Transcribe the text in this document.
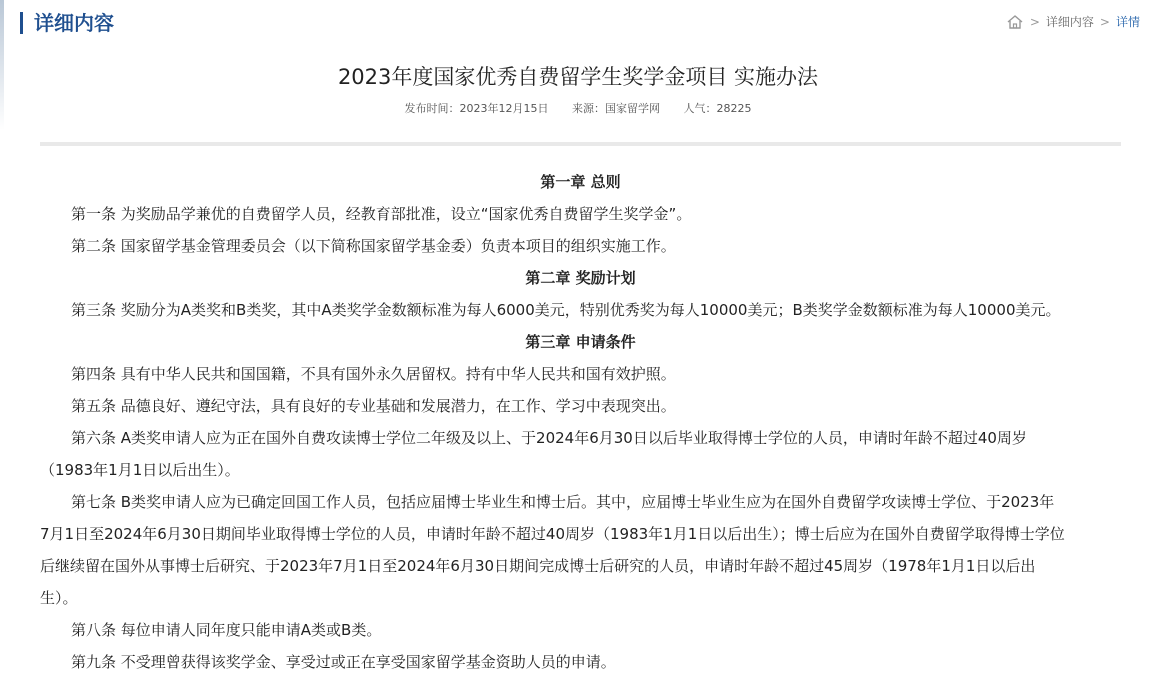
详细内容	> 详细内容 > 详情
2023年度国家优秀自费留学生奖学金项目 实施办法
发布时间：2023年12月15日 来源：国家留学网 人气：28225
第一章 总则
第一条 为奖励品学兼优的自费留学人员，经教育部批准，设立“国家优秀自费留学生奖学金”。
第二条 国家留学基金管理委员会（以下简称国家留学基金委）负责本项目的组织实施工作。
第二章 奖励计划
第三条 奖励分为A类奖和B类奖，其中A类奖学金数额标准为每人6000美元，特别优秀奖为每人10000美元；B类奖学金数额标准为每人10000美元。
第三章 申请条件
第四条 具有中华人民共和国国籍，不具有国外永久居留权。持有中华人民共和国有效护照。
第五条 品德良好、遵纪守法，具有良好的专业基础和发展潜力，在工作、学习中表现突出。
第六条 A类奖申请人应为正在国外自费攻读博士学位二年级及以上、于2024年6月30日以后毕业取得博士学位的人员，申请时年龄不超过40周岁
（1983年1月1日以后出生）。
第七条 B类奖申请人应为已确定回国工作人员，包括应届博士毕业生和博士后。其中，应届博士毕业生应为在国外自费留学攻读博士学位、于2023年
7月1日至2024年6月30日期间毕业取得博士学位的人员，申请时年龄不超过40周岁（1983年1月1日以后出生）；博士后应为在国外自费留学取得博士学位
后继续留在国外从事博士后研究、于2023年7月1日至2024年6月30日期间完成博士后研究的人员，申请时年龄不超过45周岁（1978年1月1日以后出
生）。
第八条 每位申请人同年度只能申请A类或B类。
第九条 不受理曾获得该奖学金、享受过或正在享受国家留学基金资助人员的申请。
